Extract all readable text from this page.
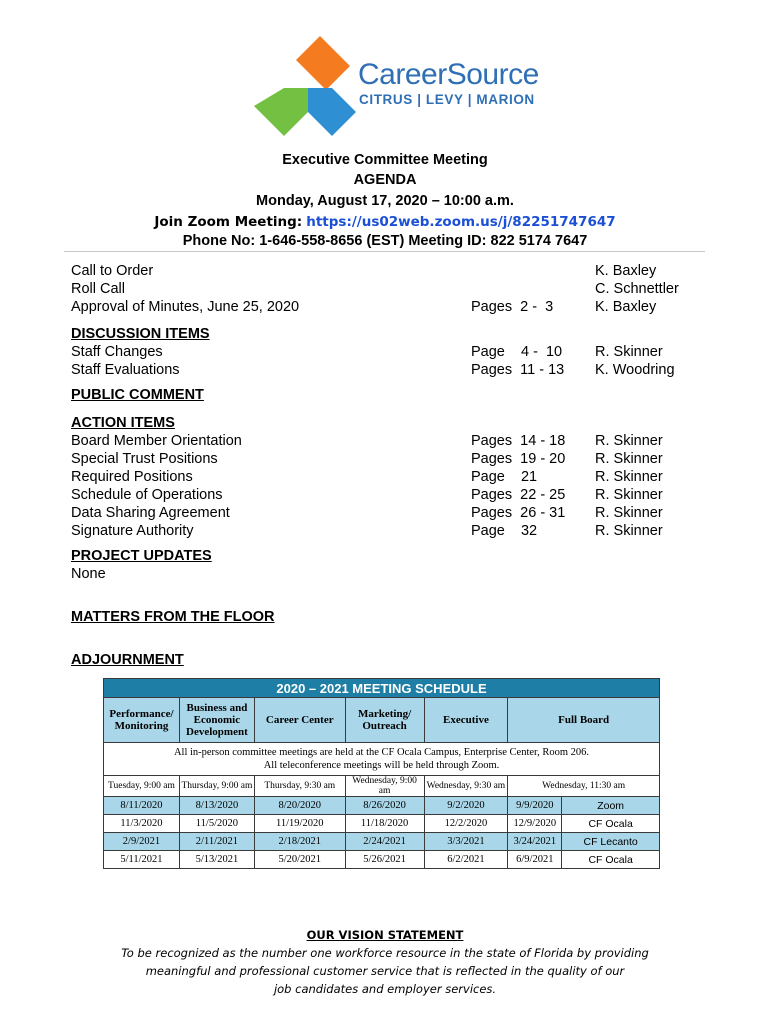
CareerSource
CITRUS | LEVY | MARION
Executive Committee Meeting
AGENDA
Monday, August 17, 2020 – 10:00 a.m.
Join Zoom Meeting: https://us02web.zoom.us/j/82251747647
Phone No: 1-646-558-8656 (EST) Meeting ID: 822 5174 7647
Call to Order	K. Baxley
Roll Call	C. Schnettler
Approval of Minutes, June 25, 2020	Pages  2 -  3	K. Baxley
DISCUSSION ITEMS
Staff Changes	Page    4 -  10 R. Skinner
Staff Evaluations	Pages  11 - 13 K. Woodring
PUBLIC COMMENT
ACTION ITEMS
Board Member Orientation	Pages  14 - 18 R. Skinner
Special Trust Positions	Pages  19 - 20 R. Skinner
Required Positions	Page    21	R. Skinner
Schedule of Operations	Pages  22 - 25 R. Skinner
Data Sharing Agreement	Pages  26 - 31 R. Skinner
Signature Authority	Page    32	R. Skinner
PROJECT UPDATES
None
MATTERS FROM THE FLOOR
ADJOURNMENT
2020 – 2021 MEETING SCHEDULE						
Performance/ Monitoring	Business and Economic Development	Career Center	Marketing/ Outreach	Executive	Full Board	

All in-person committee meetings are held at the CF Ocala Campus, Enterprise Center, Room 206.
All teleconference meetings will be held through Zoom.						

Tuesday, 9:00 am	Thursday, 9:00 am	Thursday, 9:30 am	Wednesday, 9:00 am	Wednesday, 9:30 am	Wednesday, 11:30 am	
8/11/2020	8/13/2020	8/20/2020	8/26/2020	9/2/2020	9/9/2020	Zoom
11/3/2020	11/5/2020	11/19/2020	11/18/2020	12/2/2020	12/9/2020	CF Ocala
2/9/2021	2/11/2021	2/18/2021	2/24/2021	3/3/2021	3/24/2021	CF Lecanto
5/11/2021	5/13/2021	5/20/2021	5/26/2021	6/2/2021	6/9/2021	CF Ocala
OUR VISION STATEMENT
To be recognized as the number one workforce resource in the state of Florida by providing
meaningful and professional customer service that is reflected in the quality of our
job candidates and employer services.
